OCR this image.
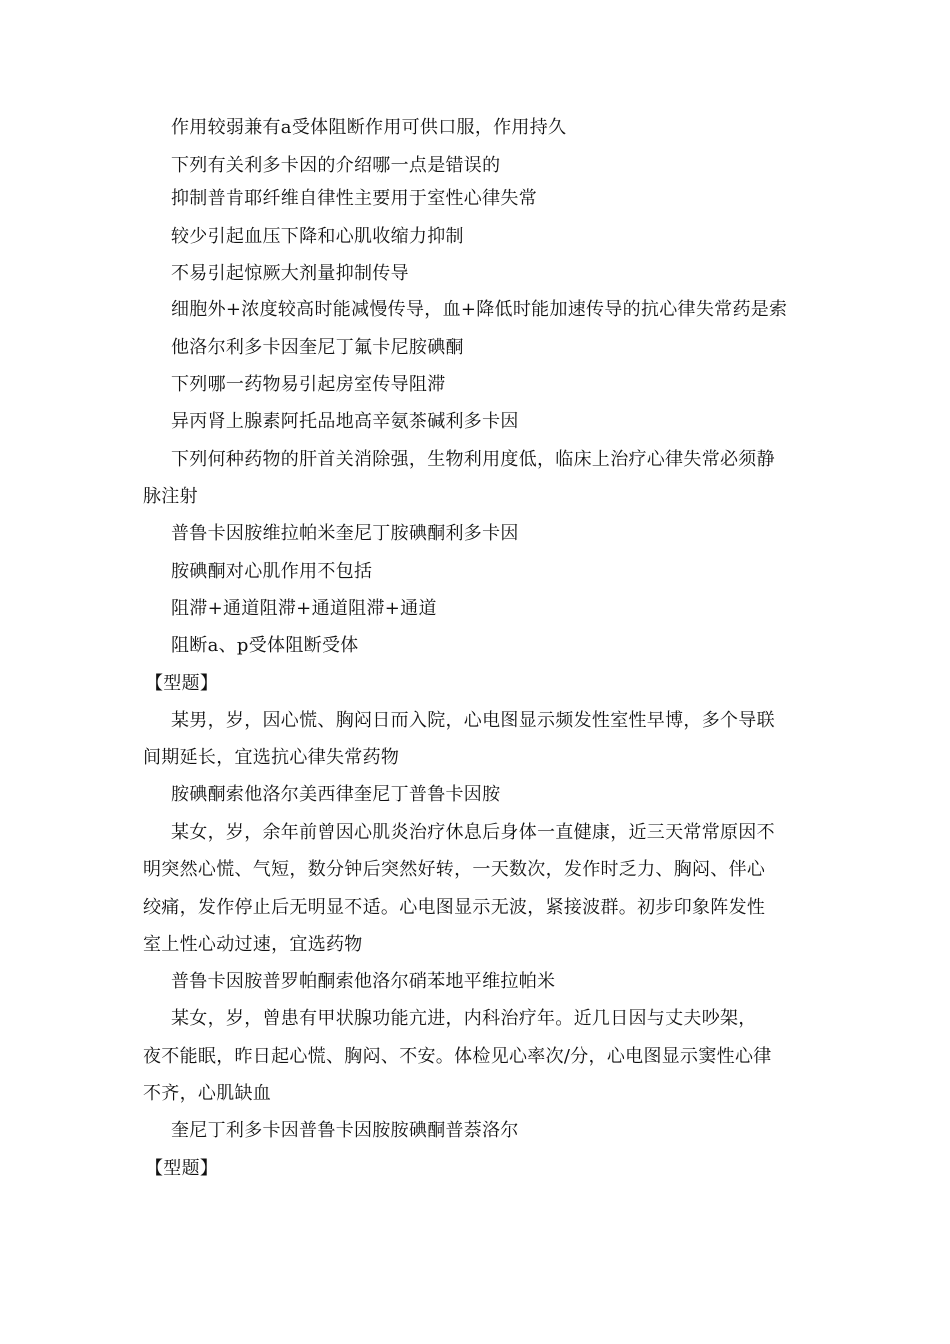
作用较弱兼有a受体阻断作用可供口服，作用持久
下列有关利多卡因的介绍哪一点是错误的
抑制普肯耶纤维自律性主要用于室性心律失常
较少引起血压下降和心肌收缩力抑制
不易引起惊厥大剂量抑制传导
细胞外+浓度较高时能减慢传导，血+降低时能加速传导的抗心律失常药是索
他洛尔利多卡因奎尼丁氟卡尼胺碘酮
下列哪一药物易引起房室传导阻滞
异丙肾上腺素阿托品地高辛氨茶碱利多卡因
下列何种药物的肝首关消除强，生物利用度低，临床上治疗心律失常必须静
脉注射
普鲁卡因胺维拉帕米奎尼丁胺碘酮利多卡因
胺碘酮对心肌作用不包括
阻滞+通道阻滞+通道阻滞+通道
阻断a、p受体阻断受体
【型题】
某男，岁，因心慌、胸闷日而入院，心电图显示频发性室性早博，多个导联
间期延长，宜选抗心律失常药物
胺碘酮索他洛尔美西律奎尼丁普鲁卡因胺
某女，岁，余年前曾因心肌炎治疗休息后身体一直健康，近三天常常原因不
明突然心慌、气短，数分钟后突然好转，一天数次，发作时乏力、胸闷、伴心
绞痛，发作停止后无明显不适。心电图显示无波，紧接波群。初步印象阵发性
室上性心动过速，宜选药物
普鲁卡因胺普罗帕酮索他洛尔硝苯地平维拉帕米
某女，岁，曾患有甲状腺功能亢进，内科治疗年。近几日因与丈夫吵架，
夜不能眠，昨日起心慌、胸闷、不安。体检见心率次/分，心电图显示窦性心律
不齐，心肌缺血
奎尼丁利多卡因普鲁卡因胺胺碘酮普萘洛尔
【型题】
